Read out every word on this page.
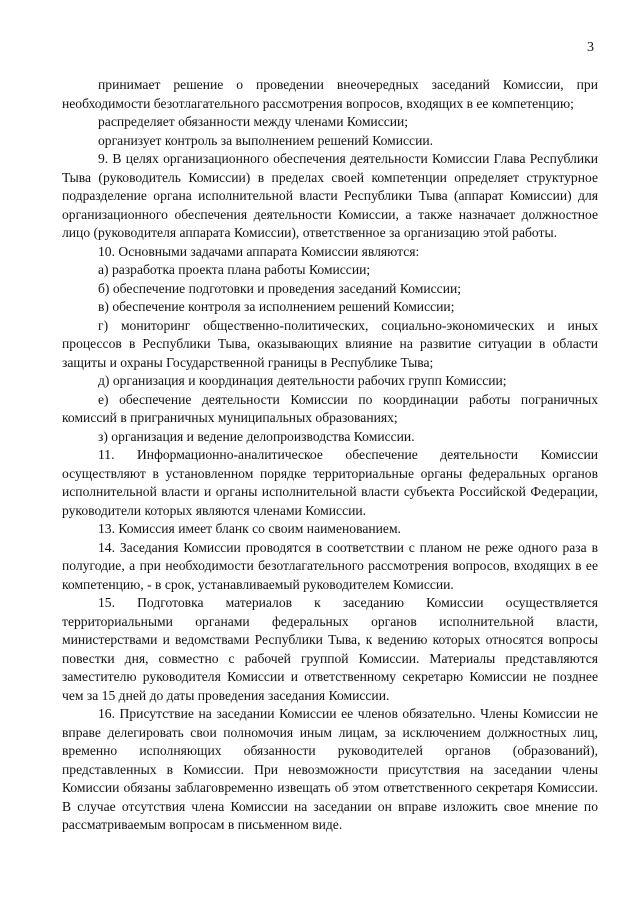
3

принимает решение о проведении внеочередных заседаний Комиссии, при необходимости безотлагательного рассмотрения вопросов, входящих в ее компетенцию;

распределяет обязанности между членами Комиссии;

организует контроль за выполнением решений Комиссии.

9. В целях организационного обеспечения деятельности Комиссии Глава Республики Тыва (руководитель Комиссии) в пределах своей компетенции определяет структурное подразделение органа исполнительной власти Республики Тыва (аппарат Комиссии) для организационного обеспечения деятельности Комиссии, а также назначает должностное лицо (руководителя аппарата Комиссии), ответственное за организацию этой работы.

10. Основными задачами аппарата Комиссии являются:

а) разработка проекта плана работы Комиссии;

б) обеспечение подготовки и проведения заседаний Комиссии;

в) обеспечение контроля за исполнением решений Комиссии;

г) мониторинг общественно-политических, социально-экономических и иных процессов в Республики Тыва, оказывающих влияние на развитие ситуации в области защиты и охраны Государственной границы в Республике Тыва;

д) организация и координация деятельности рабочих групп Комиссии;

е) обеспечение деятельности Комиссии по координации работы пограничных комиссий в приграничных муниципальных образованиях;

з) организация и ведение делопроизводства Комиссии.

11. Информационно-аналитическое обеспечение деятельности Комиссии осуществляют в установленном порядке территориальные органы федеральных органов исполнительной власти и органы исполнительной власти субъекта Российской Федерации, руководители которых являются членами Комиссии.

13. Комиссия имеет бланк со своим наименованием.

14. Заседания Комиссии проводятся в соответствии с планом не реже одного раза в полугодие, а при необходимости безотлагательного рассмотрения вопросов, входящих в ее компетенцию, - в срок, устанавливаемый руководителем Комиссии.

15. Подготовка материалов к заседанию Комиссии осуществляется территориальными органами федеральных органов исполнительной власти, министерствами и ведомствами Республики Тыва, к ведению которых относятся вопросы повестки дня, совместно с рабочей группой Комиссии. Материалы представляются заместителю руководителя Комиссии и ответственному секретарю Комиссии не позднее чем за 15 дней до даты проведения заседания Комиссии.

16. Присутствие на заседании Комиссии ее членов обязательно. Члены Комиссии не вправе делегировать свои полномочия иным лицам, за исключением должностных лиц, временно исполняющих обязанности руководителей органов (образований), представленных в Комиссии. При невозможности присутствия на заседании члены Комиссии обязаны заблаговременно извещать об этом ответственного секретаря Комиссии. В случае отсутствия члена Комиссии на заседании он вправе изложить свое мнение по рассматриваемым вопросам в письменном виде.
